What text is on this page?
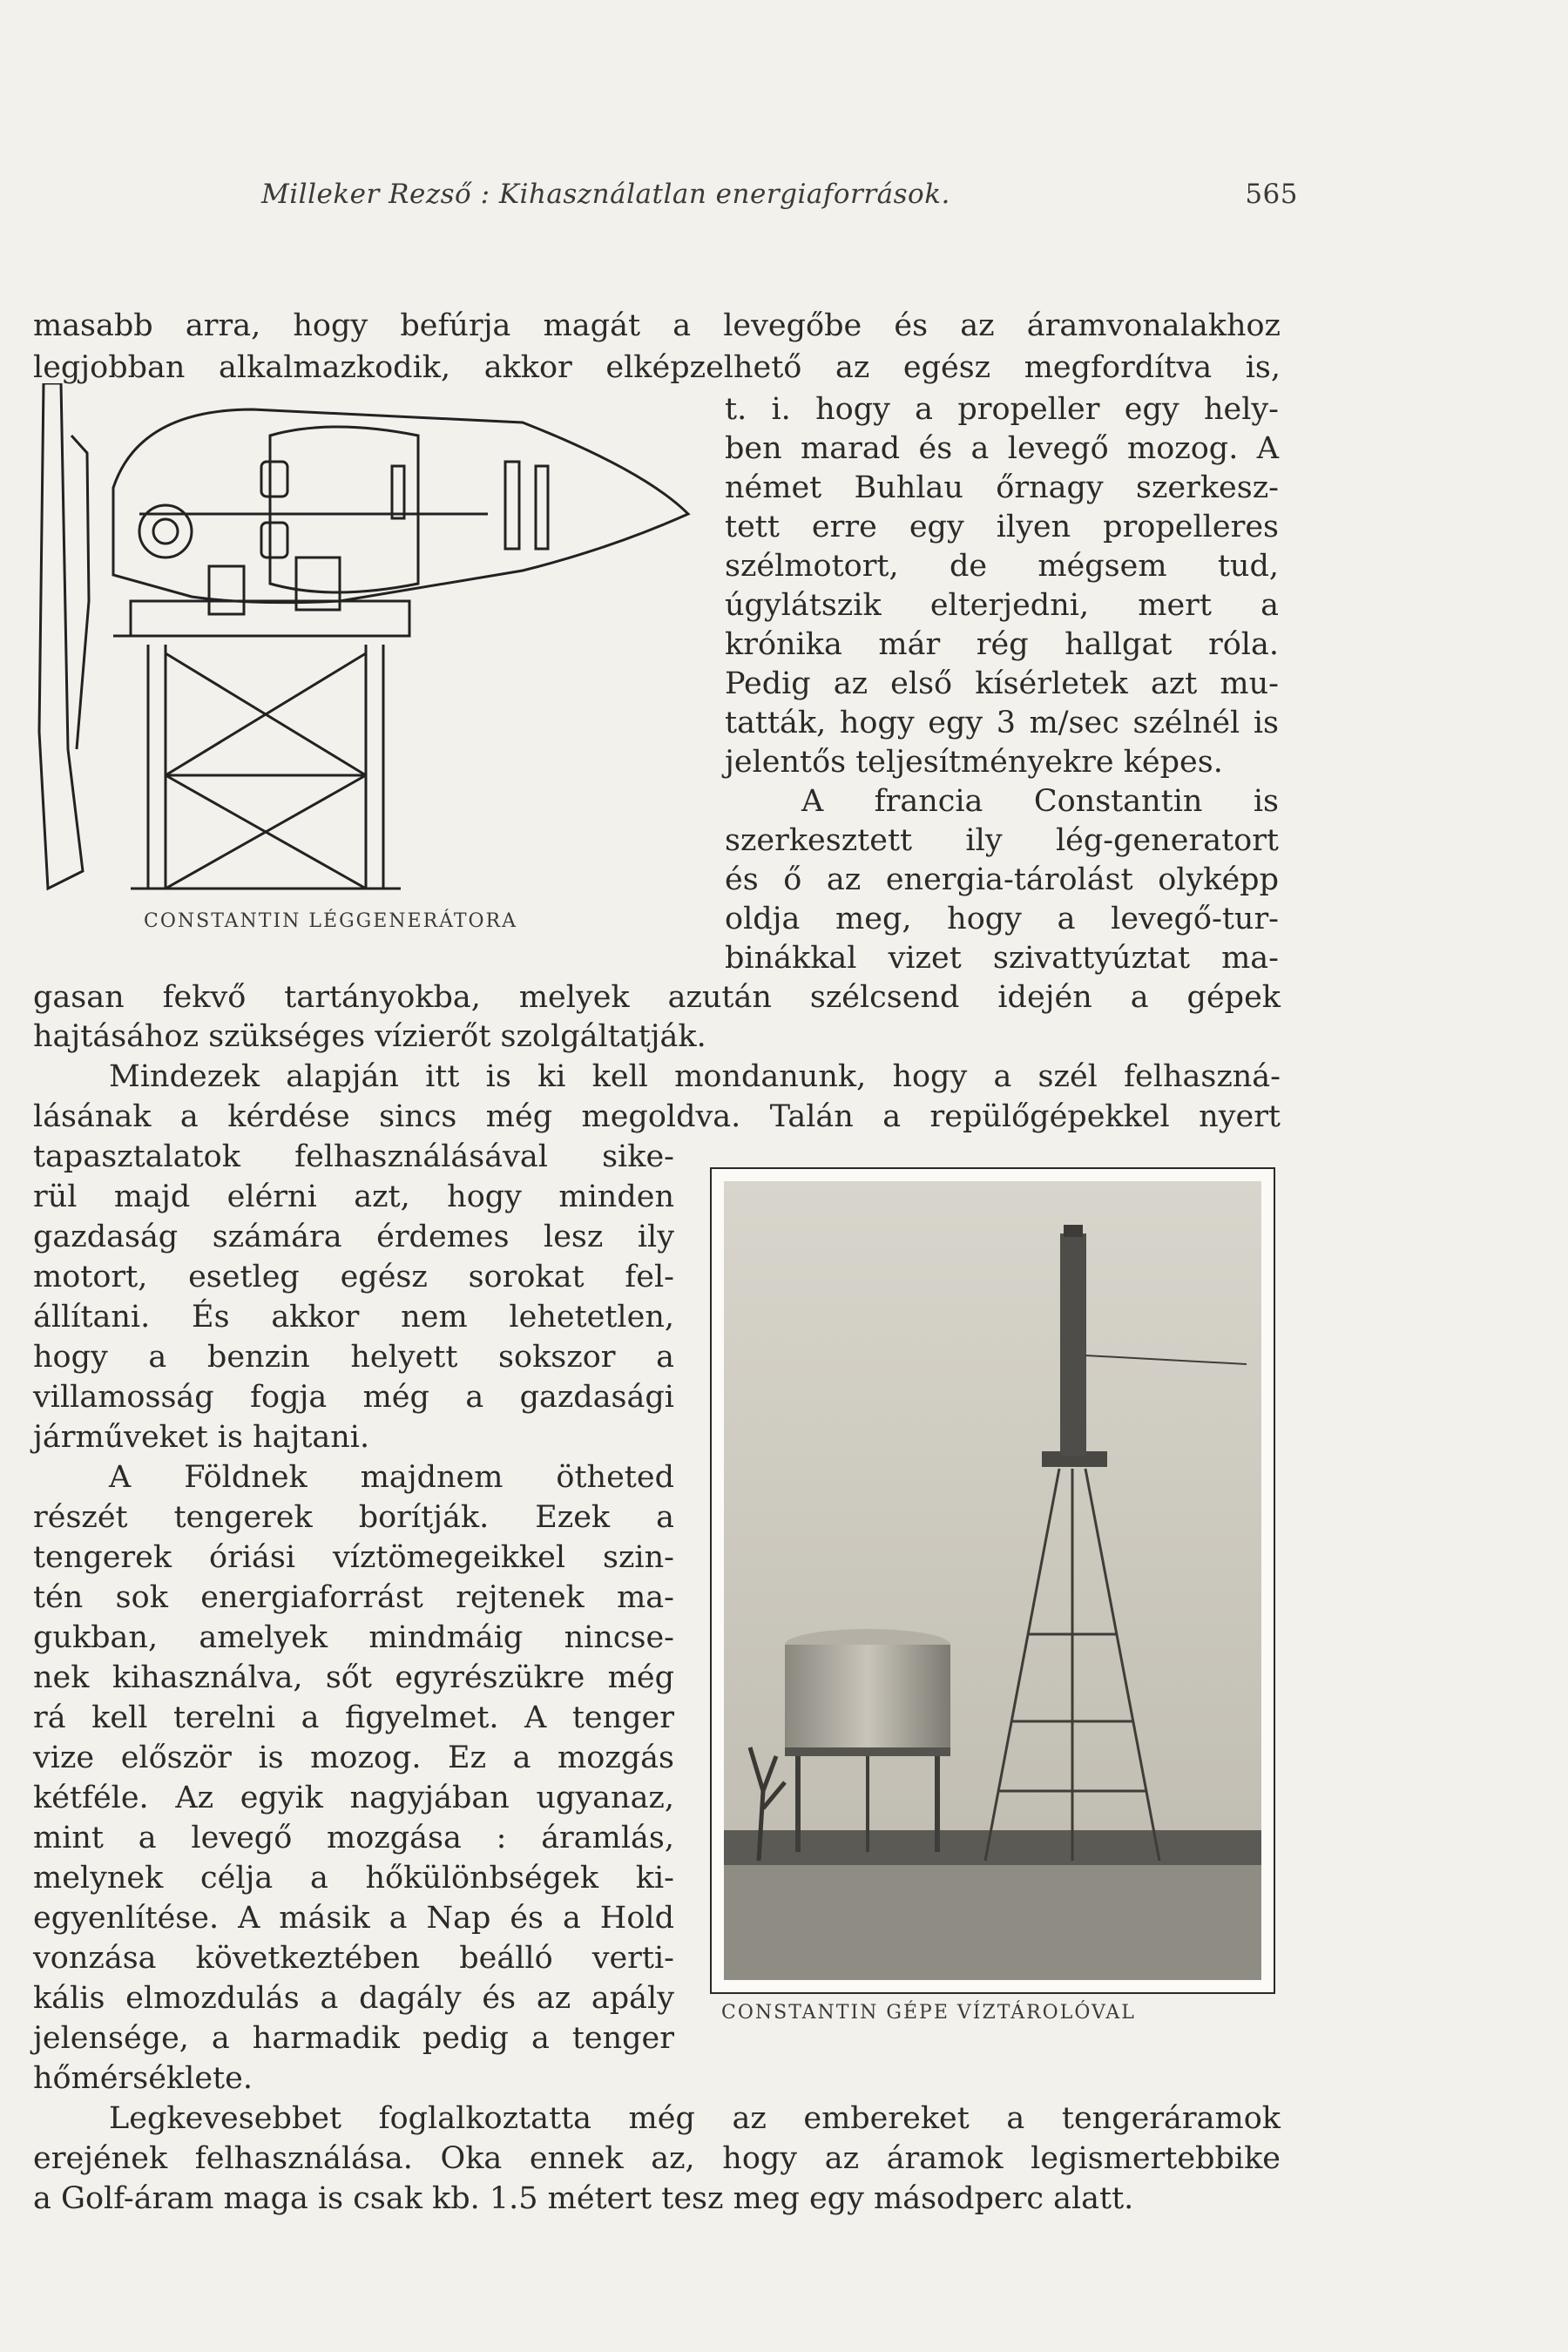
Milleker Rezső : Kihasználatlan energiaforrások.	565
masabb arra, hogy befúrja magát a levegőbe és az áramvonalakhoz
legjobban alkalmazkodik, akkor elképzelhető az egész megfordítva is,
t. i. hogy a propeller egy hely-
ben marad és a levegő mozog. A
német Buhlau őrnagy szerkesz-
tett erre egy ilyen propelleres
szélmotort, de mégsem tud,
úgylátszik elterjedni, mert a
krónika már rég hallgat róla.
Pedig az első kísérletek azt mu-
tatták, hogy egy 3 m/sec szélnél is
jelentős teljesítményekre képes.
A francia Constantin is
szerkesztett ily lég-generatort
és ő az energia-tárolást olyképp
oldja meg, hogy a levegő-tur-
binákkal vizet szivattyúztat ma-
gasan fekvő tartányokba, melyek azután szélcsend idején a gépek
hajtásához szükséges vízierőt szolgáltatják.
Mindezek alapján itt is ki kell mondanunk, hogy a szél felhaszná-
lásának a kérdése sincs még megoldva. Talán a repülőgépekkel nyert
tapasztalatok felhasználásával sike-
rül majd elérni azt, hogy minden
gazdaság számára érdemes lesz ily
motort, esetleg egész sorokat fel-
állítani. És akkor nem lehetetlen,
hogy a benzin helyett sokszor a
villamosság fogja még a gazdasági
járműveket is hajtani.
A Földnek majdnem ötheted
részét tengerek borítják. Ezek a
tengerek óriási víztömegeikkel szin-
tén sok energiaforrást rejtenek ma-
gukban, amelyek mindmáig nincse-
nek kihasználva, sőt egyrészükre még
rá kell terelni a figyelmet. A tenger
vize először is mozog. Ez a mozgás
kétféle. Az egyik nagyjában ugyanaz,
mint a levegő mozgása : áramlás,
melynek célja a hőkülönbségek ki-
egyenlítése. A másik a Nap és a Hold
vonzása következtében beálló verti-
kális elmozdulás a dagály és az apály
jelensége, a harmadik pedig a tenger
hőmérséklete.
Legkevesebbet foglalkoztatta még az embereket a tengeráramok
erejének felhasználása. Oka ennek az, hogy az áramok legismertebbike
a Golf-áram maga is csak kb. 1.5 métert tesz meg egy másodperc alatt.
CONSTANTIN LÉGGENERÁTORA
CONSTANTIN GÉPE VÍZTÁROLÓVAL
